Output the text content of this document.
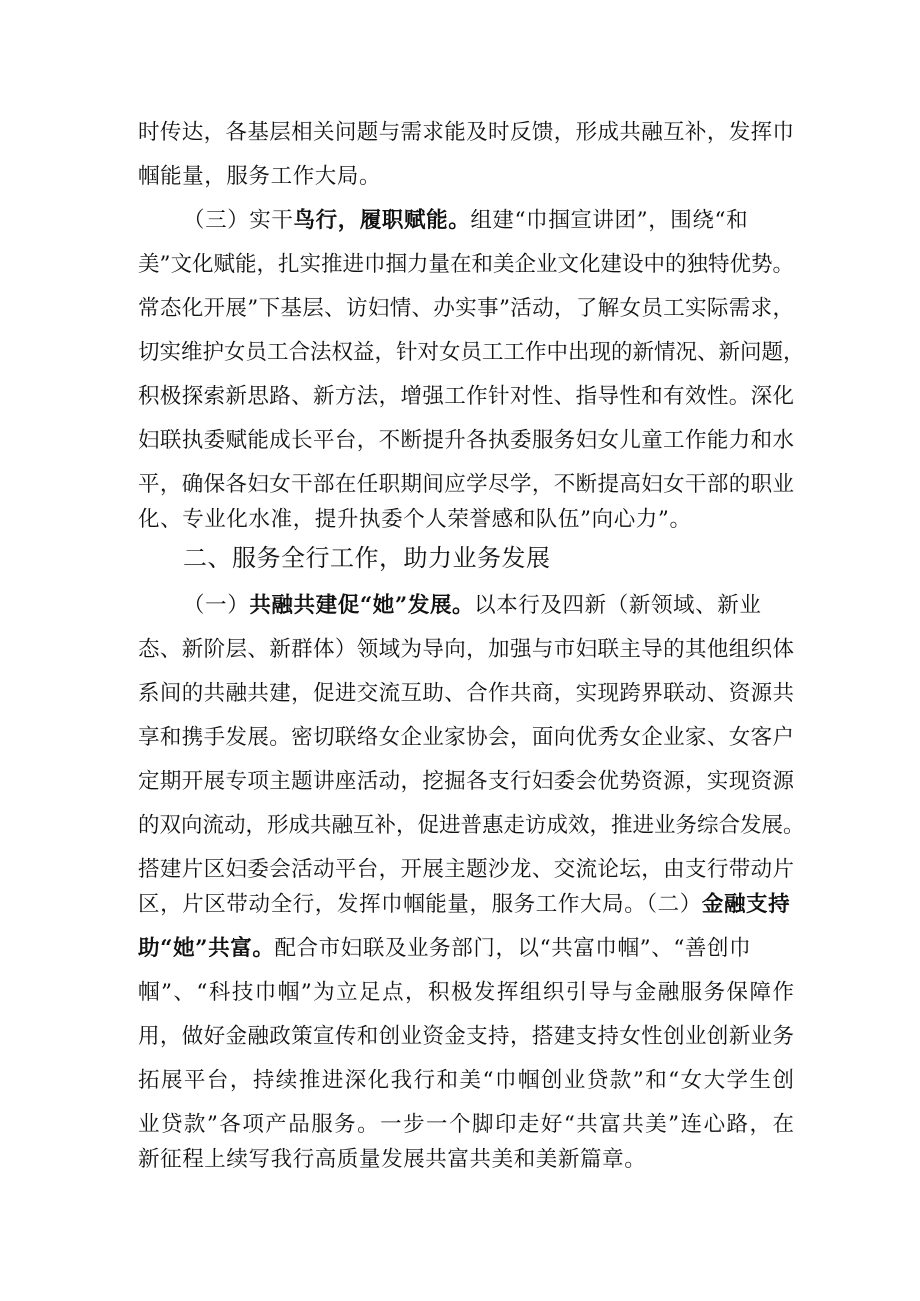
时传达，各基层相关问题与需求能及时反馈，形成共融互补，发挥巾
帼能量，服务工作大局。
（三）实干鸟行，履职赋能。组建“巾掴宣讲团”，围绕“和
美”文化赋能，扎实推进巾掴力量在和美企业文化建设中的独特优势。
常态化开展”下基层、访妇情、办实事”活动，了解女员工实际需求，
切实维护女员工合法权益，针对女员工工作中出现的新情况、新问题，
积极探索新思路、新方法，增强工作针对性、指导性和有效性。深化
妇联执委赋能成长平台，不断提升各执委服务妇女儿童工作能力和水
平，确保各妇女干部在任职期间应学尽学，不断提高妇女干部的职业
化、专业化水准，提升执委个人荣誉感和队伍”向心力”。
二、服务全行工作，助力业务发展
（一）共融共建促“她”发展。以本行及四新（新领域、新业
态、新阶层、新群体）领域为导向，加强与市妇联主导的其他组织体
系间的共融共建，促进交流互助、合作共商，实现跨界联动、资源共
享和携手发展。密切联络女企业家协会，面向优秀女企业家、女客户
定期开展专项主题讲座活动，挖掘各支行妇委会优势资源，实现资源
的双向流动，形成共融互补，促进普惠走访成效，推进业务综合发展。
搭建片区妇委会活动平台，开展主题沙龙、交流论坛，由支行带动片
区，片区带动全行，发挥巾帼能量，服务工作大局。（二）金融支持
助“她”共富。配合市妇联及业务部门，以“共富巾帼”、“善创巾
帼”、“科技巾帼”为立足点，积极发挥组织引导与金融服务保障作
用，做好金融政策宣传和创业资金支持，搭建支持女性创业创新业务
拓展平台，持续推进深化我行和美“巾帼创业贷款”和“女大学生创
业贷款”各项产品服务。一步一个脚印走好“共富共美”连心路，在
新征程上续写我行高质量发展共富共美和美新篇章。
